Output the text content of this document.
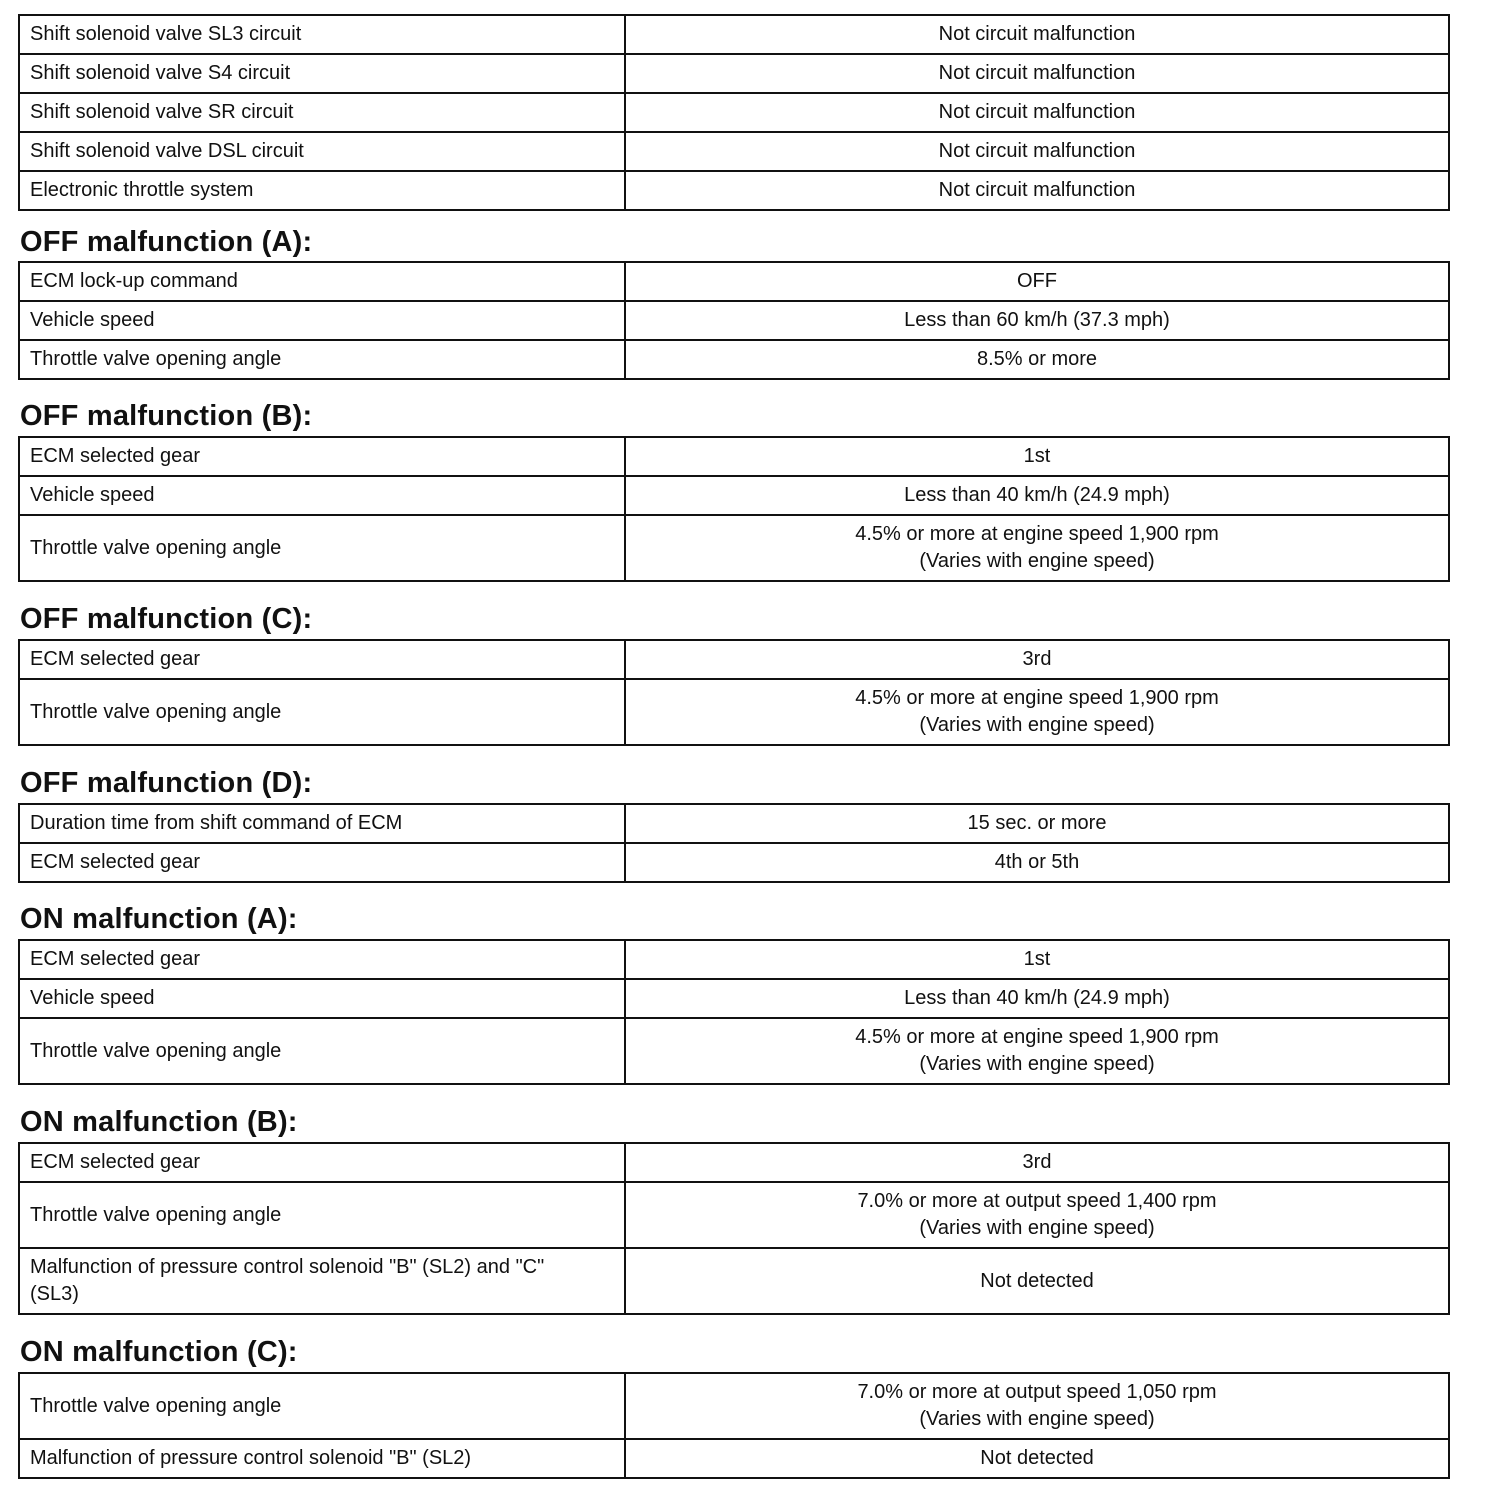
Shift solenoid valve SL3 circuit	Not circuit malfunction
Shift solenoid valve S4 circuit	Not circuit malfunction
Shift solenoid valve SR circuit	Not circuit malfunction
Shift solenoid valve DSL circuit	Not circuit malfunction
Electronic throttle system	Not circuit malfunction
OFF malfunction (A):
ECM lock-up command	OFF
Vehicle speed	Less than 60 km/h (37.3 mph)
Throttle valve opening angle	8.5% or more
OFF malfunction (B):
ECM selected gear	1st
Vehicle speed	Less than 40 km/h (24.9 mph)
Throttle valve opening angle	4.5% or more at engine speed 1,900 rpm
(Varies with engine speed)
OFF malfunction (C):
ECM selected gear	3rd
Throttle valve opening angle	4.5% or more at engine speed 1,900 rpm
(Varies with engine speed)
OFF malfunction (D):
Duration time from shift command of ECM	15 sec. or more
ECM selected gear	4th or 5th
ON malfunction (A):
ECM selected gear	1st
Vehicle speed	Less than 40 km/h (24.9 mph)
Throttle valve opening angle	4.5% or more at engine speed 1,900 rpm
(Varies with engine speed)
ON malfunction (B):
ECM selected gear	3rd
Throttle valve opening angle	7.0% or more at output speed 1,400 rpm
(Varies with engine speed)
Malfunction of pressure control solenoid "B" (SL2) and "C"
(SL3)	Not detected
ON malfunction (C):
Throttle valve opening angle	7.0% or more at output speed 1,050 rpm
(Varies with engine speed)
Malfunction of pressure control solenoid "B" (SL2)	Not detected
